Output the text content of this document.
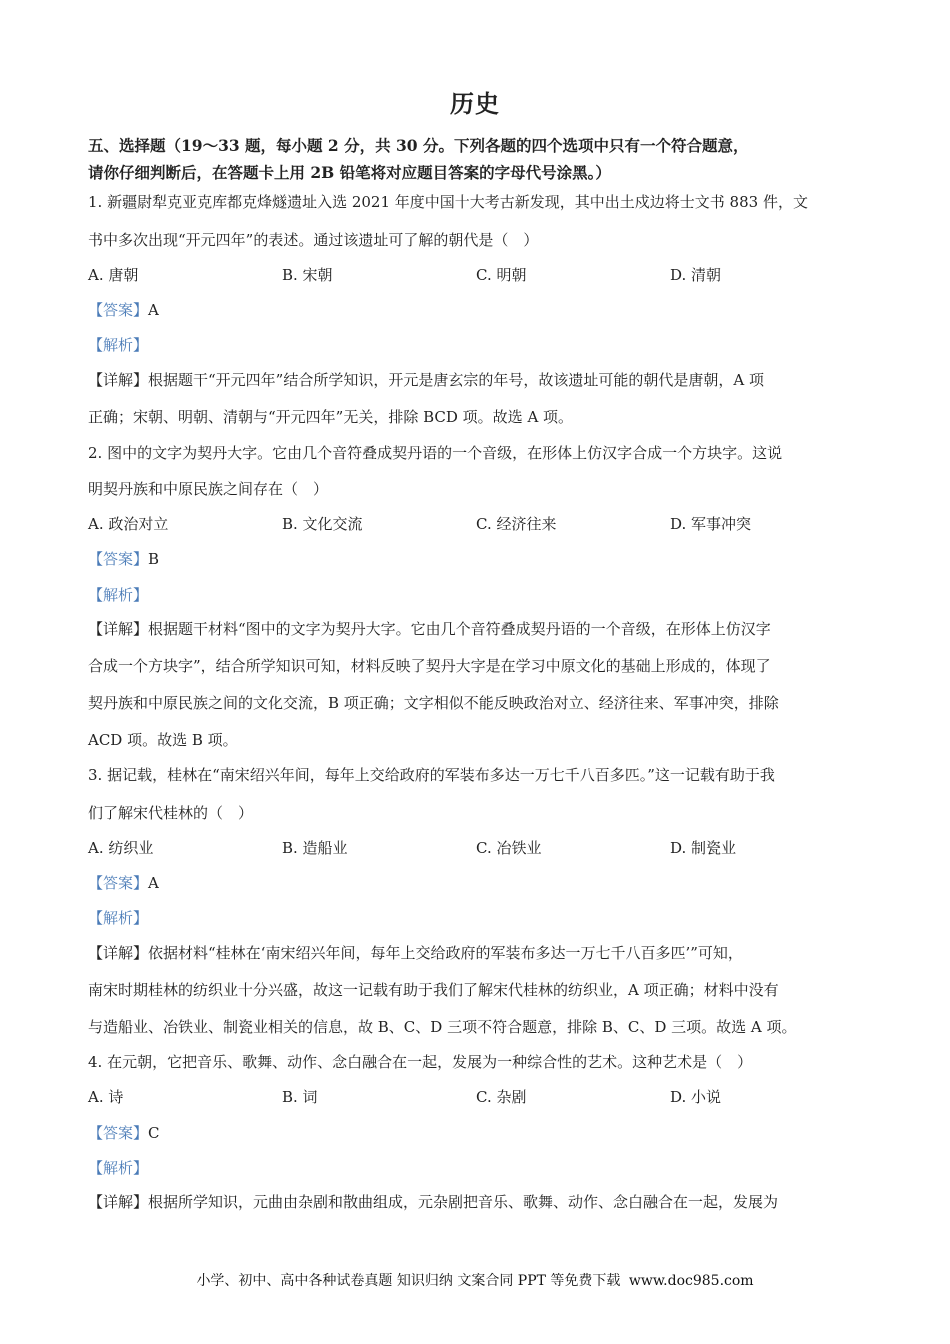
历史
五、选择题（19～33 题，每小题 2 分，共 30 分。下列各题的四个选项中只有一个符合题意，
请你仔细判断后，在答题卡上用 2B 铅笔将对应题目答案的字母代号涂黑。）
1. 新疆尉犁克亚克库都克烽燧遗址入选 2021 年度中国十大考古新发现，其中出土戍边将士文书 883 件，文
书中多次出现“开元四年”的表述。通过该遗址可了解的朝代是（　）
A. 唐朝	B. 宋朝	C. 明朝	D. 清朝
【答案】A
【解析】
【详解】根据题干“开元四年”结合所学知识，开元是唐玄宗的年号，故该遗址可能的朝代是唐朝，A 项
正确；宋朝、明朝、清朝与“开元四年”无关，排除 BCD 项。故选 A 项。
2. 图中的文字为契丹大字。它由几个音符叠成契丹语的一个音级，在形体上仿汉字合成一个方块字。这说
明契丹族和中原民族之间存在（　）
A. 政治对立	B. 文化交流	C. 经济往来	D. 军事冲突
【答案】B
【解析】
【详解】根据题干材料“图中的文字为契丹大字。它由几个音符叠成契丹语的一个音级，在形体上仿汉字
合成一个方块字”，结合所学知识可知，材料反映了契丹大字是在学习中原文化的基础上形成的，体现了
契丹族和中原民族之间的文化交流，B 项正确；文字相似不能反映政治对立、经济往来、军事冲突，排除
ACD 项。故选 B 项。
3. 据记载，桂林在“南宋绍兴年间，每年上交给政府的军装布多达一万七千八百多匹。”这一记载有助于我
们了解宋代桂林的（　）
A. 纺织业	B. 造船业	C. 冶铁业	D. 制瓷业
【答案】A
【解析】
【详解】依据材料“桂林在‘南宋绍兴年间，每年上交给政府的军装布多达一万七千八百多匹’”可知，
南宋时期桂林的纺织业十分兴盛，故这一记载有助于我们了解宋代桂林的纺织业，A 项正确；材料中没有
与造船业、冶铁业、制瓷业相关的信息，故 B、C、D 三项不符合题意，排除 B、C、D 三项。故选 A 项。
4. 在元朝，它把音乐、歌舞、动作、念白融合在一起，发展为一种综合性的艺术。这种艺术是（　）
A. 诗	B. 词	C. 杂剧	D. 小说
【答案】C
【解析】
【详解】根据所学知识，元曲由杂剧和散曲组成，元杂剧把音乐、歌舞、动作、念白融合在一起，发展为
小学、初中、高中各种试卷真题 知识归纳 文案合同 PPT 等免费下载 www.doc985.com
